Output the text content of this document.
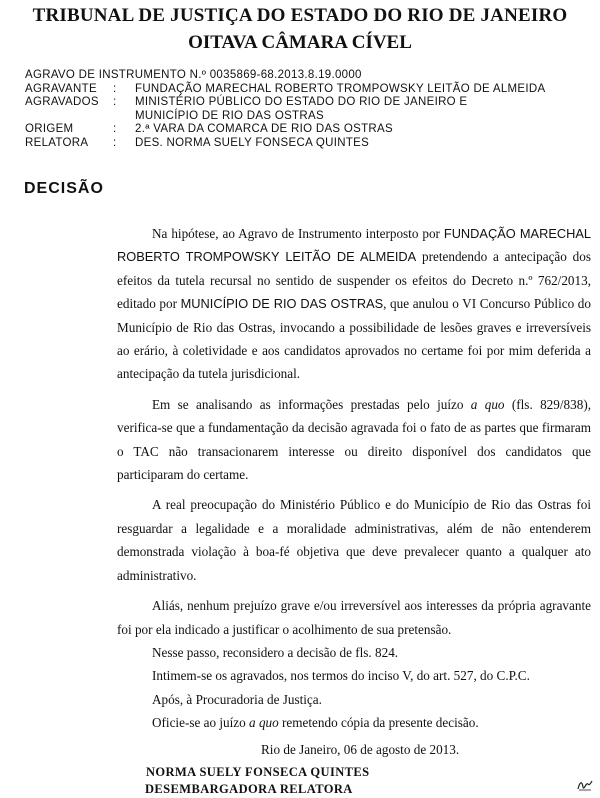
TRIBUNAL DE JUSTIÇA DO ESTADO DO RIO DE JANEIRO
OITAVA CÂMARA CÍVEL
AGRAVO DE INSTRUMENTO N.º 0035869-68.2013.8.19.0000
AGRAVANTE	:	FUNDAÇÃO MARECHAL ROBERTO TROMPOWSKY LEITÃO DE ALMEIDA
AGRAVADOS	:	MINISTÉRIO PÚBLICO DO ESTADO DO RIO DE JANEIRO E
MUNICÍPIO DE RIO DAS OSTRAS
ORIGEM	:	2.ª VARA DA COMARCA DE RIO DAS OSTRAS
RELATORA	:	DES. NORMA SUELY FONSECA QUINTES
DECISÃO

Na hipótese, ao Agravo de Instrumento interposto por FUNDAÇÃO MARECHAL ROBERTO TROMPOWSKY LEITÃO DE ALMEIDA pretendendo a antecipação dos efeitos da tutela recursal no sentido de suspender os efeitos do Decreto n.º 762/2013, editado por MUNICÍPIO DE RIO DAS OSTRAS, que anulou o VI Concurso Público do Município de Rio das Ostras, invocando a possibilidade de lesões graves e irreversíveis ao erário, à coletividade e aos candidatos aprovados no certame foi por mim deferida a antecipação da tutela jurisdicional.

Em se analisando as informações prestadas pelo juízo a quo (fls. 829/838), verifica-se que a fundamentação da decisão agravada foi o fato de as partes que firmaram o TAC não transacionarem interesse ou direito disponível dos candidatos que participaram do certame.

A real preocupação do Ministério Público e do Município de Rio das Ostras foi resguardar a legalidade e a moralidade administrativas, além de não entenderem demonstrada violação à boa-fé objetiva que deve prevalecer quanto a qualquer ato administrativo.

Aliás, nenhum prejuízo grave e/ou irreversível aos interesses da própria agravante foi por ela indicado a justificar o acolhimento de sua pretensão.

Nesse passo, reconsidero a decisão de fls. 824.

Intimem-se os agravados, nos termos do inciso V, do art. 527, do C.P.C.

Após, à Procuradoria de Justiça.

Oficie-se ao juízo a quo remetendo cópia da presente decisão.

Rio de Janeiro, 06 de agosto de 2013.
NORMA SUELY FONSECA QUINTES
DESEMBARGADORA RELATORA
